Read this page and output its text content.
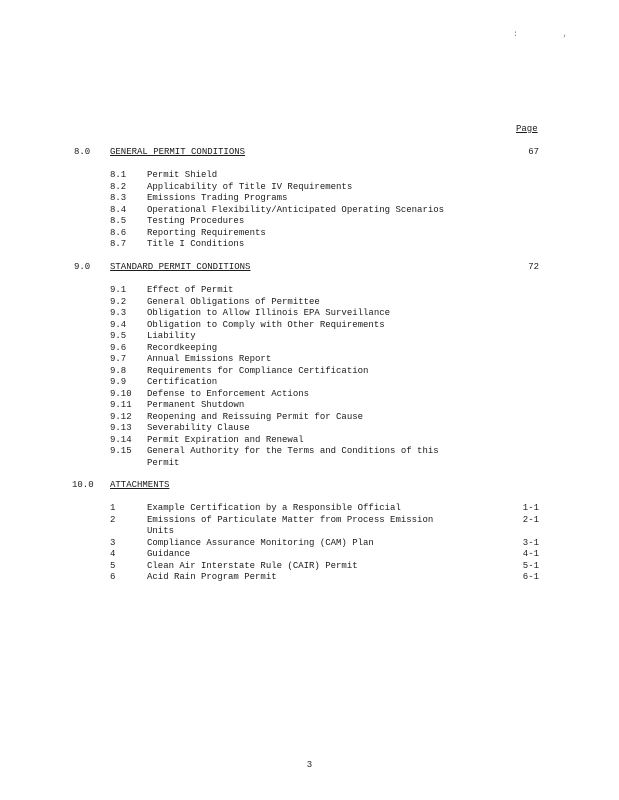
: ,
Page
8.0 GENERAL PERMIT CONDITIONS	67
8.1 Permit Shield
8.2 Applicability of Title IV Requirements
8.3 Emissions Trading Programs
8.4 Operational Flexibility/Anticipated Operating Scenarios
8.5 Testing Procedures
8.6 Reporting Requirements
8.7 Title I Conditions
9.0 STANDARD PERMIT CONDITIONS	72
9.1 Effect of Permit
9.2 General Obligations of Permittee
9.3 Obligation to Allow Illinois EPA Surveillance
9.4 Obligation to Comply with Other Requirements
9.5 Liability
9.6 Recordkeeping
9.7 Annual Emissions Report
9.8 Requirements for Compliance Certification
9.9 Certification
9.10 Defense to Enforcement Actions
9.11 Permanent Shutdown
9.12 Reopening and Reissuing Permit for Cause
9.13 Severability Clause
9.14 Permit Expiration and Renewal
9.15 General Authority for the Terms and Conditions of this
Permit
10.0 ATTACHMENTS
1	Example Certification by a Responsible Official	1-1
2	Emissions of Particulate Matter from Process Emission	2-1
Units
3	Compliance Assurance Monitoring (CAM) Plan	3-1
4	Guidance	4-1
5	Clean Air Interstate Rule (CAIR) Permit	5-1
6	Acid Rain Program Permit	6-1
3
